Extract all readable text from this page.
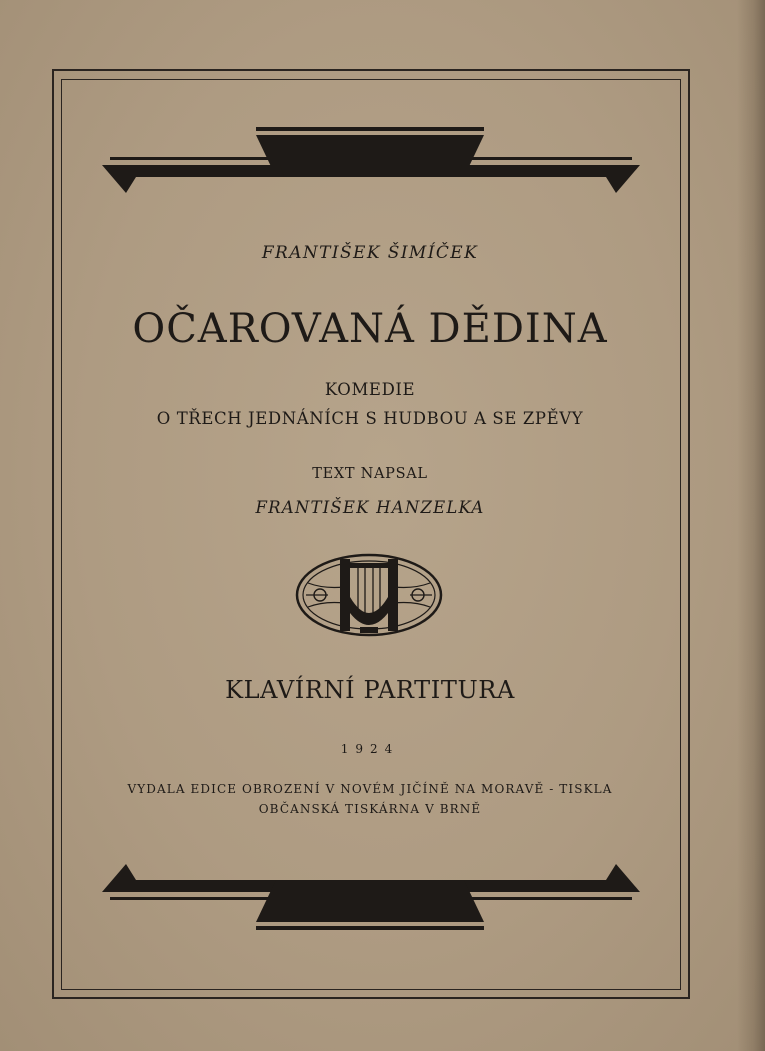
FRANTIŠEK ŠIMÍČEK
OČAROVANÁ DĚDINA
KOMEDIE
O TŘECH JEDNÁNÍCH S HUDBOU A SE ZPĚVY
TEXT NAPSAL
FRANTIŠEK HANZELKA
KLAVÍRNÍ PARTITURA
1924
VYDALA EDICE OBROZENÍ V NOVÉM JIČÍNĚ NA MORAVĚ - TISKLA
OBČANSKÁ TISKÁRNA V BRNĚ
